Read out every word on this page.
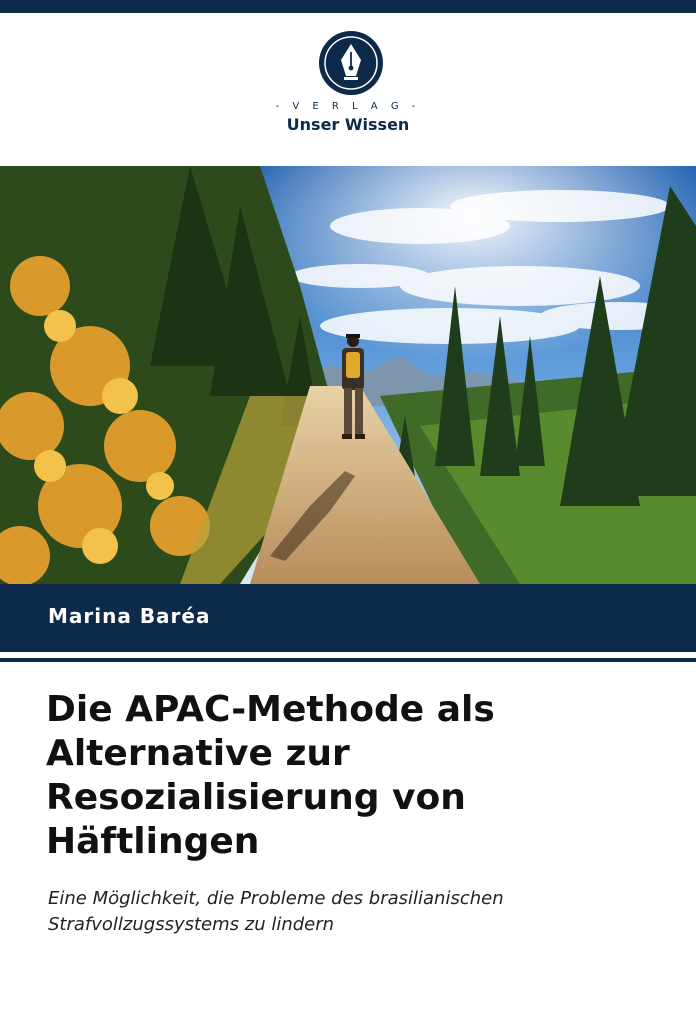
- V E R L A G -
Unser Wissen
Marina Baréa
Die APAC-Methode als
Alternative zur
Resozialisierung von
Häftlingen

Eine Möglichkeit, die Probleme des brasilianischen
Strafvollzugssystems zu lindern
